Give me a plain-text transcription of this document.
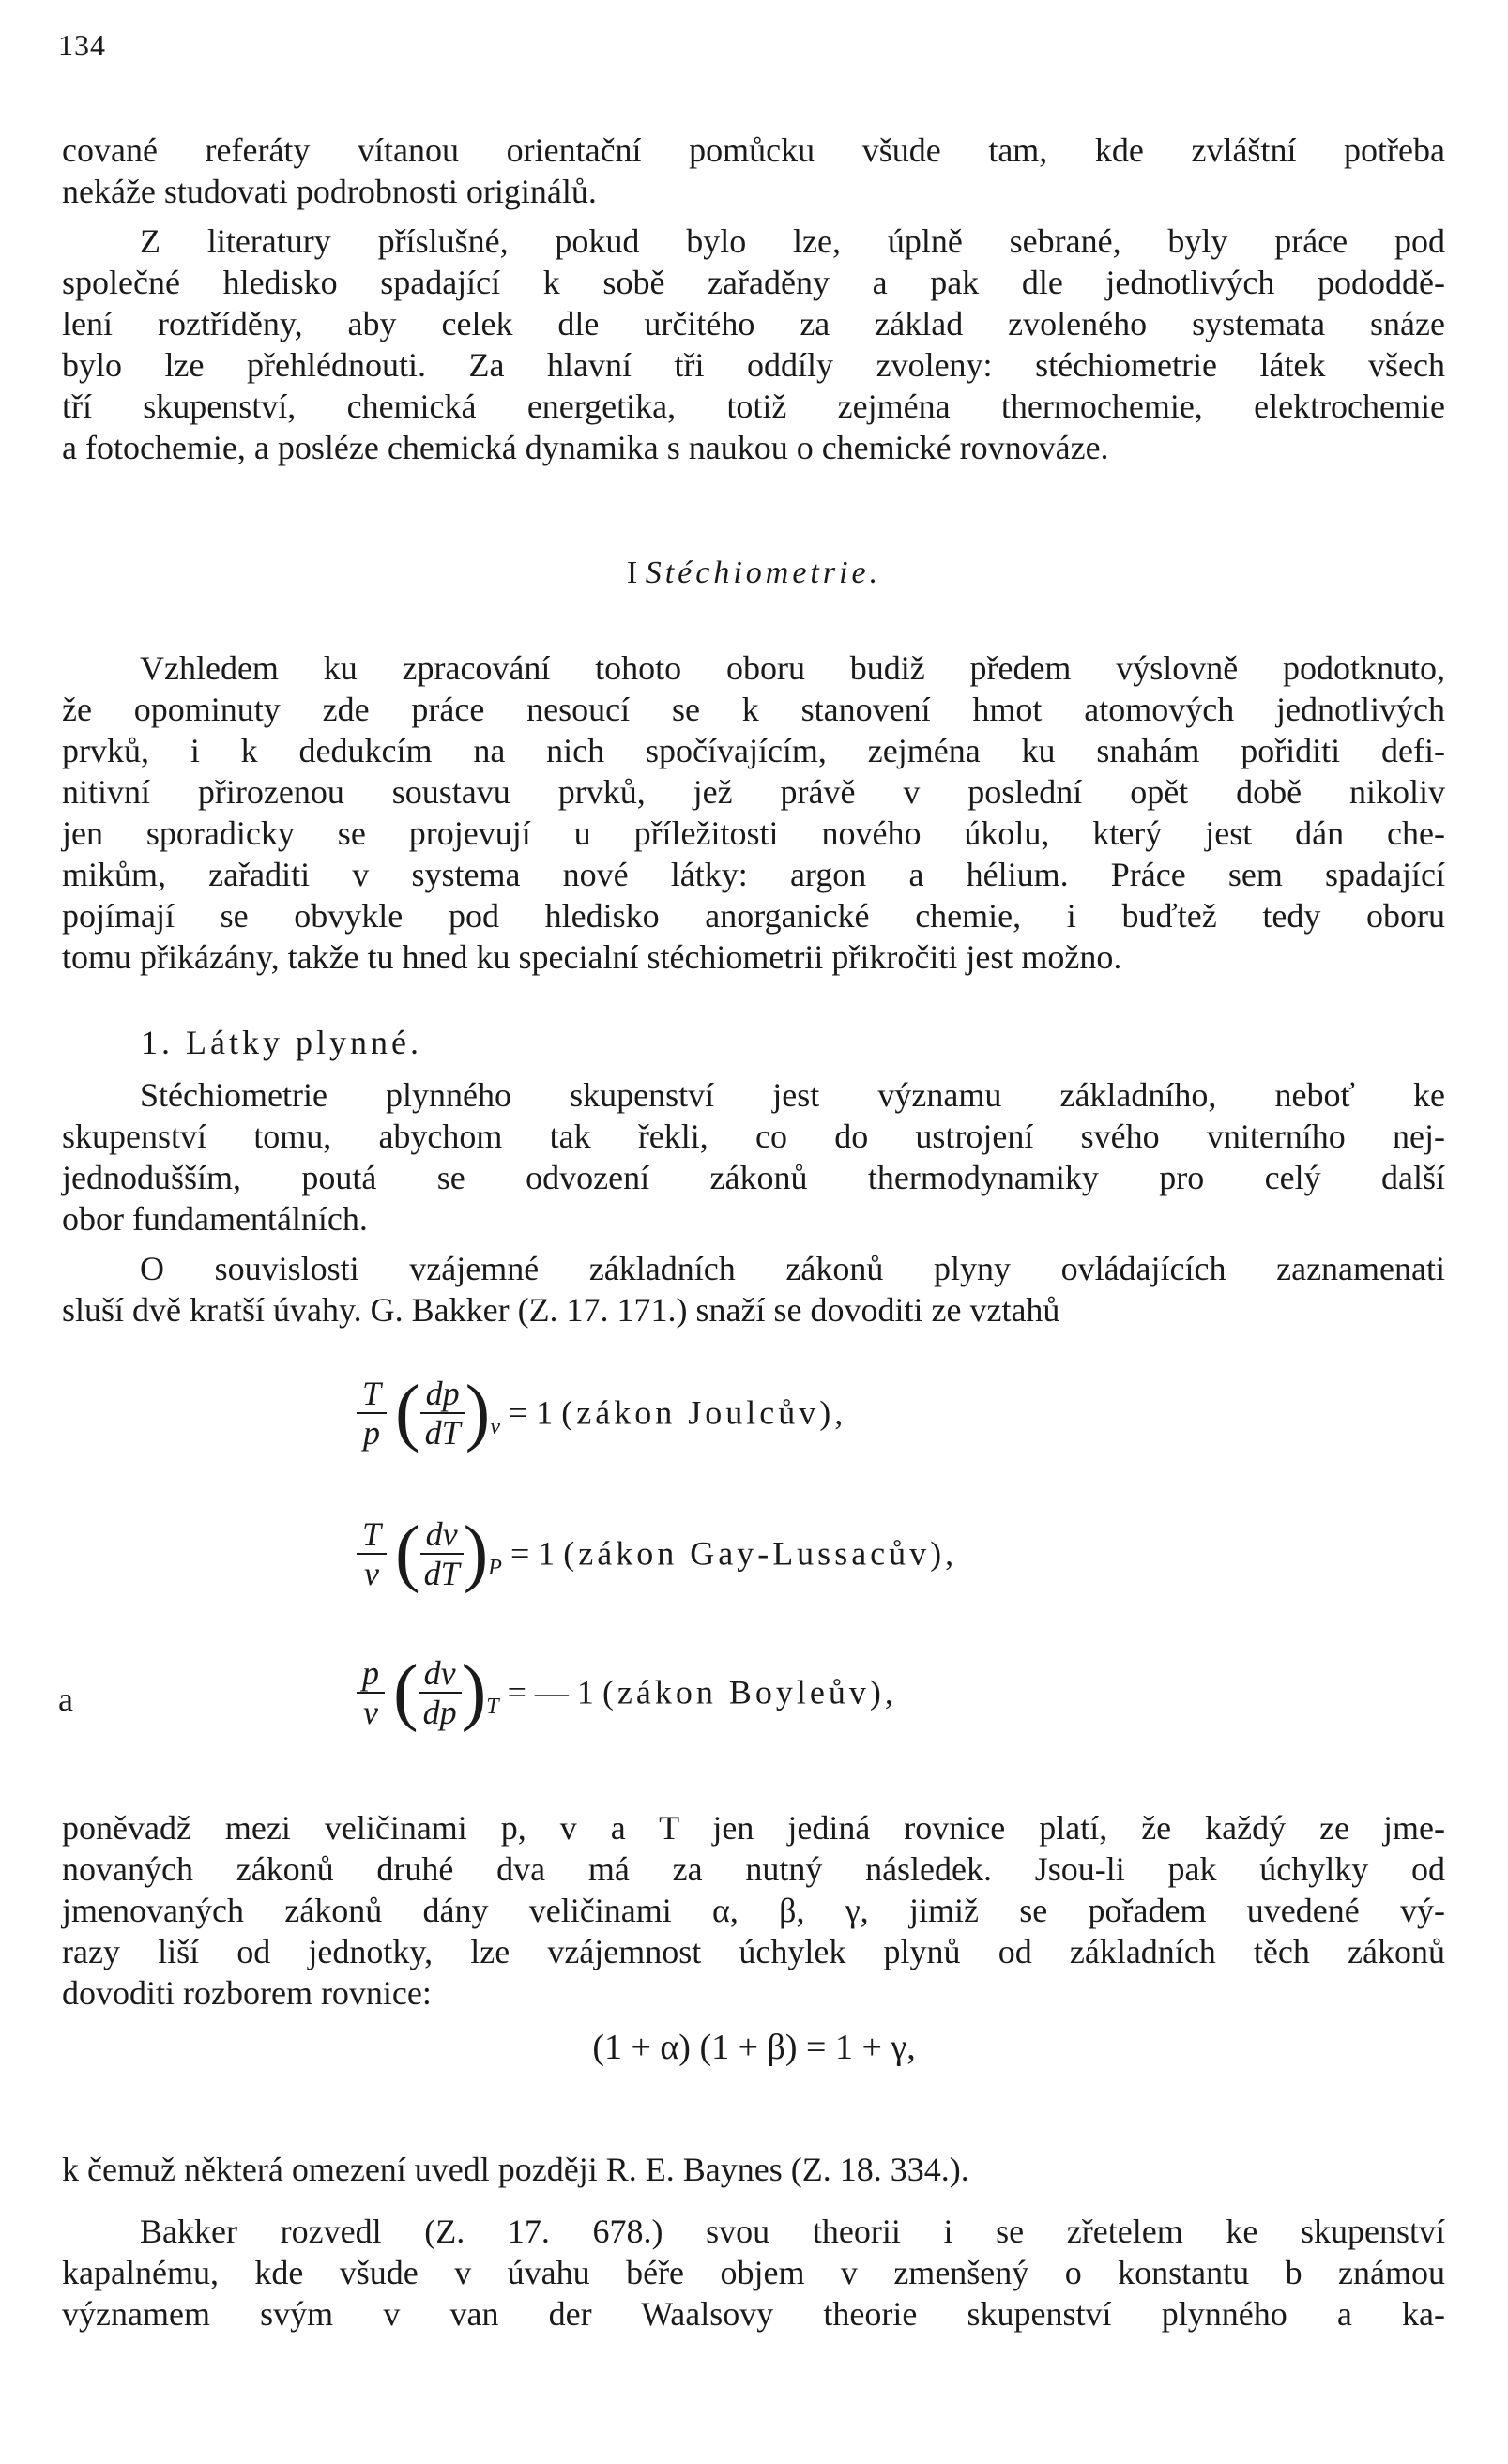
134
cované referáty vítanou orientační pomůcku všude tam, kde zvláštní potřeba
nekáže studovati podrobnosti originálů.
Z literatury příslušné, pokud bylo lze, úplně sebrané, byly práce pod
společné hledisko spadající k sobě zařaděny a pak dle jednotlivých pododdě-
lení roztříděny, aby celek dle určitého za základ zvoleného systemata snáze
bylo lze přehlédnouti. Za hlavní tři oddíly zvoleny: stéchiometrie látek všech
tří skupenství, chemická energetika, totiž zejména thermochemie, elektrochemie
a fotochemie, a posléze chemická dynamika s naukou o chemické rovnováze.
I Stéchiometrie.
Vzhledem ku zpracování tohoto oboru budiž předem výslovně podotknuto,
že opominuty zde práce nesoucí se k stanovení hmot atomových jednotlivých
prvků, i k dedukcím na nich spočívajícím, zejména ku snahám pořiditi defi-
nitivní přirozenou soustavu prvků, jež právě v poslední opět době nikoliv
jen sporadicky se projevují u příležitosti nového úkolu, který jest dán che-
mikům, zařaditi v systema nové látky: argon a hélium. Práce sem spadající
pojímají se obvykle pod hledisko anorganické chemie, i buďtež tedy oboru
tomu přikázány, takže tu hned ku specialní stéchiometrii přikročiti jest možno.
1. Látky plynné.
Stéchiometrie plynného skupenství jest významu základního, neboť ke
skupenství tomu, abychom tak řekli, co do ustrojení svého vniterního nej-
jednodušším, poutá se odvození zákonů thermodynamiky pro celý další
obor fundamentálních.
O souvislosti vzájemné základních zákonů plyny ovládajících zaznamenati
sluší dvě kratší úvahy. G. Bakker (Z. 17. 171.) snaží se dovoditi ze vztahů
$\frac{T}{p}$ ( $\frac{dp}{dT} )_v = 1$ (zákon Joulcův),
$\frac{T}{v}$ ( $\frac{dv}{dT} )_P = 1$ (zákon Gay-Lussacův),
a	$\frac{p}{v}$ ( $\frac{dv}{dp} )_T$ = — 1 (zákon Boyleův),
poněvadž mezi veličinami p, v a T jen jediná rovnice platí, že každý ze jme-
novaných zákonů druhé dva má za nutný následek. Jsou-li pak úchylky od
jmenovaných zákonů dány veličinami α, β, γ, jimiž se pořadem uvedené vý-
razy liší od jednotky, lze vzájemnost úchylek plynů od základních těch zákonů
dovoditi rozborem rovnice:
(1 + α) (1 + β) = 1 + γ,
k čemuž některá omezení uvedl později R. E. Baynes (Z. 18. 334.).
Bakker rozvedl (Z. 17. 678.) svou theorii i se zřetelem ke skupenství
kapalnému, kde všude v úvahu béře objem v zmenšený o konstantu b známou
významem svým v van der Waalsovy theorie skupenství plynného a ka-
